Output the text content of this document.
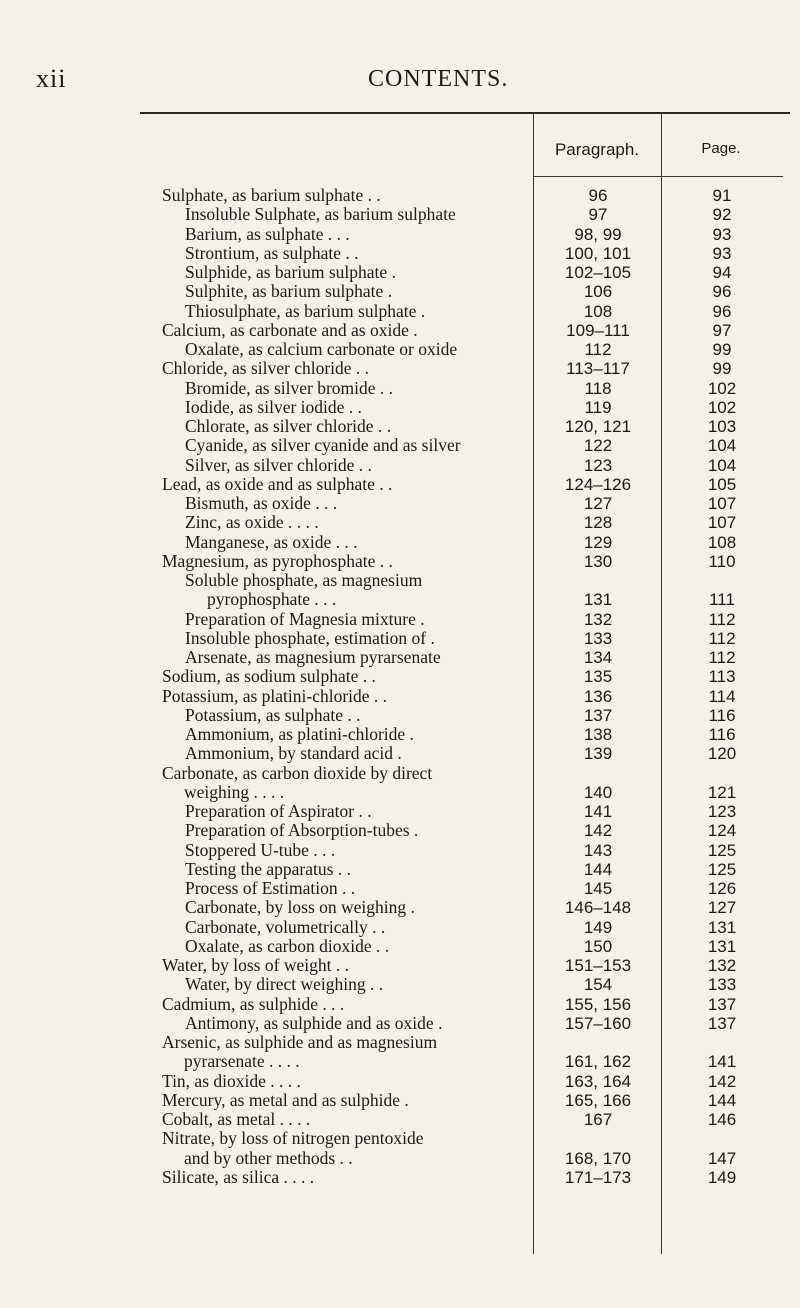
xii	CONTENTS.
Paragraph.	Page.
Sulphate, as barium sulphate . .	96	91
Insoluble Sulphate, as barium sulphate	97	92
Barium, as sulphate . . .	98, 99	93
Strontium, as sulphate . .	100, 101	93
Sulphide, as barium sulphate .	102–105	94
Sulphite, as barium sulphate .	106	96
Thiosulphate, as barium sulphate .	108	96
Calcium, as carbonate and as oxide .	109–111	97
Oxalate, as calcium carbonate or oxide	112	99
Chloride, as silver chloride . .	113–117	99
Bromide, as silver bromide . .	118	102
Iodide, as silver iodide . .	119	102
Chlorate, as silver chloride . .	120, 121	103
Cyanide, as silver cyanide and as silver	122	104
Silver, as silver chloride . .	123	104
Lead, as oxide and as sulphate . .	124–126	105
Bismuth, as oxide . . .	127	107
Zinc, as oxide . . . .	128	107
Manganese, as oxide . . .	129	108
Magnesium, as pyrophosphate . .	130	110
Soluble phosphate, as magnesium
pyrophosphate . . .	131	111
Preparation of Magnesia mixture .	132	112
Insoluble phosphate, estimation of .	133	112
Arsenate, as magnesium pyrarsenate	134	112
Sodium, as sodium sulphate . .	135	113
Potassium, as platini-chloride . .	136	114
Potassium, as sulphate . .	137	116
Ammonium, as platini-chloride .	138	116
Ammonium, by standard acid .	139	120
Carbonate, as carbon dioxide by direct
weighing . . . .	140	121
Preparation of Aspirator . .	141	123
Preparation of Absorption-tubes .	142	124
Stoppered U-tube . . .	143	125
Testing the apparatus . .	144	125
Process of Estimation . .	145	126
Carbonate, by loss on weighing .	146–148	127
Carbonate, volumetrically . .	149	131
Oxalate, as carbon dioxide . .	150	131
Water, by loss of weight . .	151–153	132
Water, by direct weighing . .	154	133
Cadmium, as sulphide . . .	155, 156	137
Antimony, as sulphide and as oxide .	157–160	137
Arsenic, as sulphide and as magnesium
pyrarsenate . . . .	161, 162	141
Tin, as dioxide . . . .	163, 164	142
Mercury, as metal and as sulphide .	165, 166	144
Cobalt, as metal . . . .	167	146
Nitrate, by loss of nitrogen pentoxide
and by other methods . .	168, 170	147
Silicate, as silica . . . .	171–173	149
